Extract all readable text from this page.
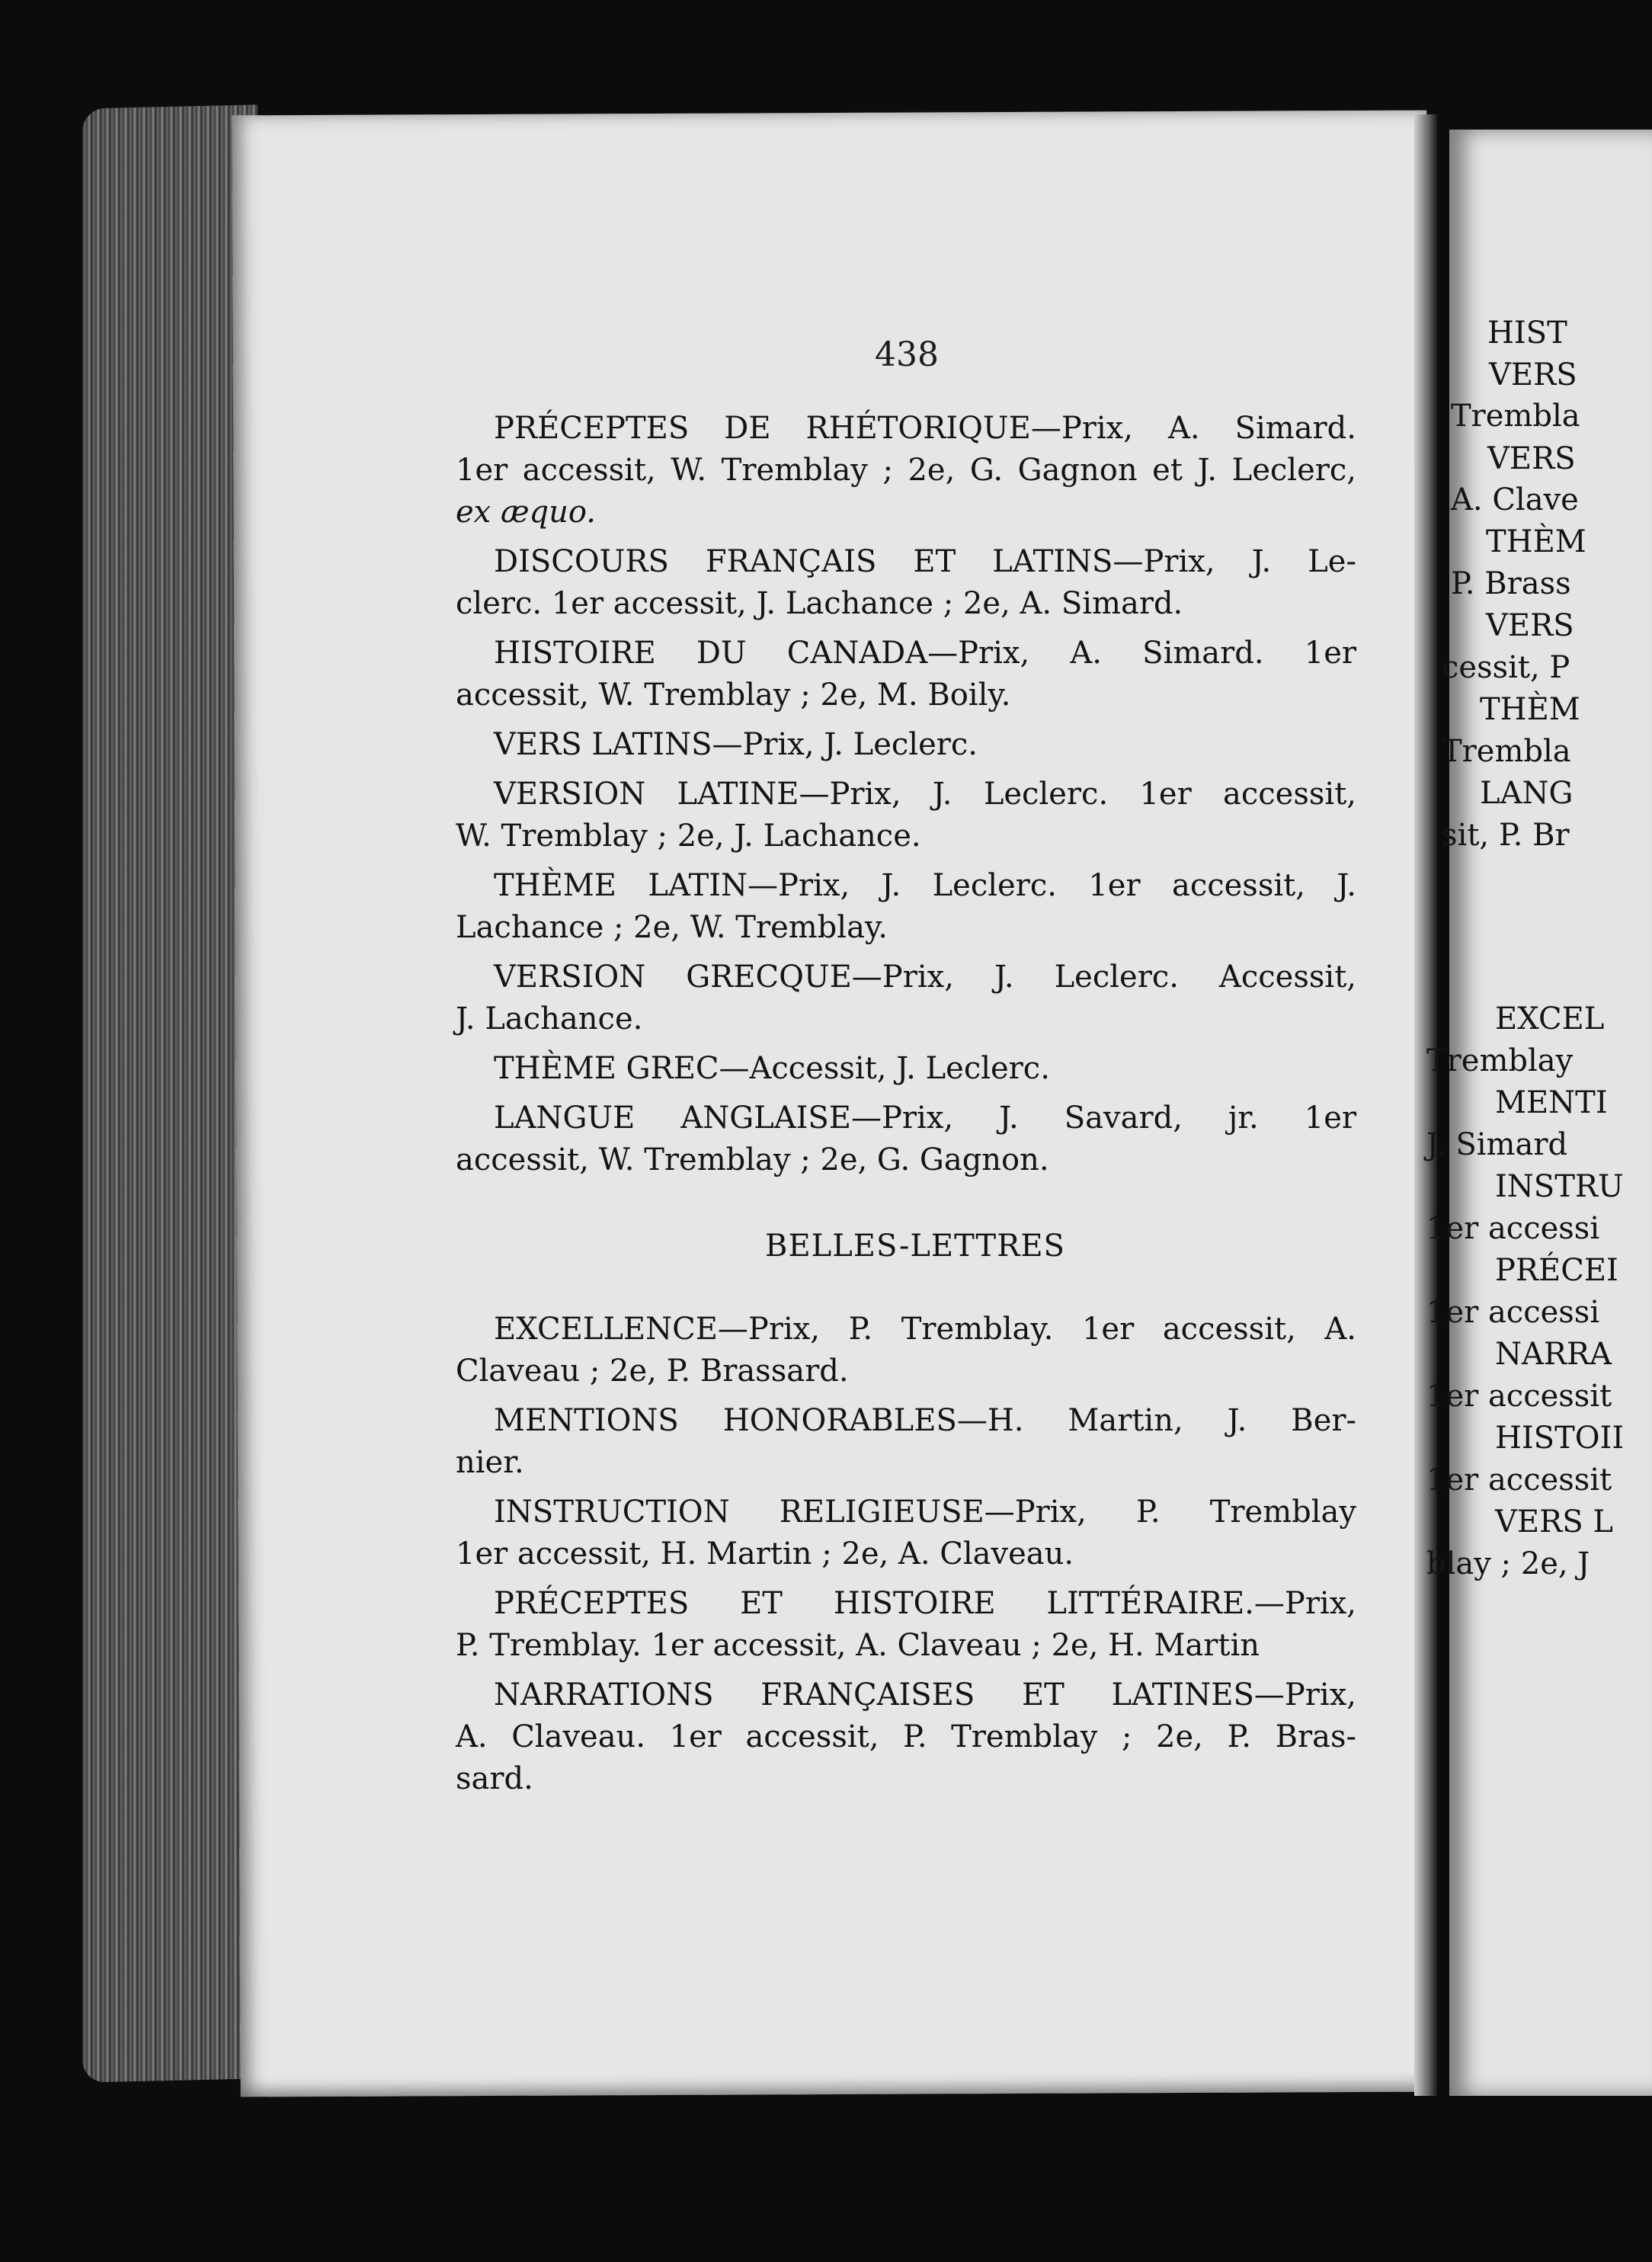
HIST
VERS
Trembla
VERS
A. Clave
THÈM
P. Brass
VERS
cessit, P
THÈM
Trembla
LANG
sit, P. Br
EXCEL
Tremblay
MENTI
J. Simard
INSTRU
1er accessi
PRÉCEI
1er accessi
NARRA
1er accessit
HISTOII
1er accessit
VERS L
blay ; 2e, J
438
PRÉCEPTES DE RHÉTORIQUE—Prix, A. Simard.
1er accessit, W. Tremblay ; 2e, G. Gagnon et J. Leclerc,
ex æquo.
DISCOURS FRANÇAIS ET LATINS—Prix, J. Le-
clerc. 1er accessit, J. Lachance ; 2e, A. Simard.
HISTOIRE DU CANADA—Prix, A. Simard. 1er
accessit, W. Tremblay ; 2e, M. Boily.
VERS LATINS—Prix, J. Leclerc.
VERSION LATINE—Prix, J. Leclerc. 1er accessit,
W. Tremblay ; 2e, J. Lachance.
THÈME LATIN—Prix, J. Leclerc. 1er accessit, J.
Lachance ; 2e, W. Tremblay.
VERSION GRECQUE—Prix, J. Leclerc. Accessit,
J. Lachance.
THÈME GREC—Accessit, J. Leclerc.
LANGUE ANGLAISE—Prix, J. Savard, jr. 1er
accessit, W. Tremblay ; 2e, G. Gagnon.
BELLES-LETTRES
EXCELLENCE—Prix, P. Tremblay. 1er accessit, A.
Claveau ; 2e, P. Brassard.
MENTIONS HONORABLES—H. Martin, J. Ber-
nier.
INSTRUCTION RELIGIEUSE—Prix, P. Tremblay
1er accessit, H. Martin ; 2e, A. Claveau.
PRÉCEPTES ET HISTOIRE LITTÉRAIRE.—Prix,
P. Tremblay. 1er accessit, A. Claveau ; 2e, H. Martin
NARRATIONS FRANÇAISES ET LATINES—Prix,
A. Claveau. 1er accessit, P. Tremblay ; 2e, P. Bras-
sard.
